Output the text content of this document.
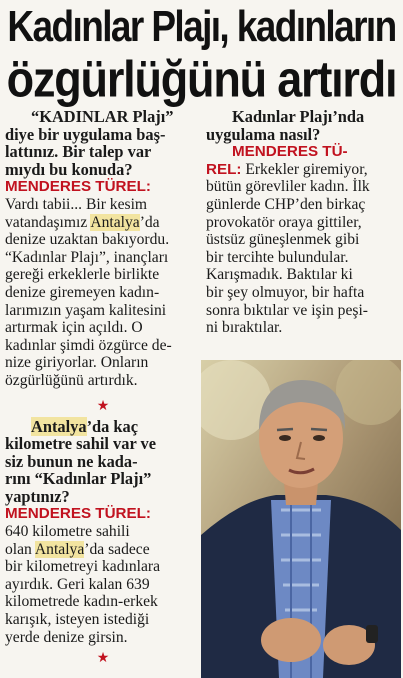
Kadınlar Plajı, kadınların
özgürlüğünü artırdı

“KADINLAR Plajı”

diye bir uygulama baş-

lattınız. Bir talep var

mıydı bu konuda?

MENDERES TÜREL:

Vardı tabii... Bir kesim

vatandaşımız Antalya’da

denize uzaktan bakıyordu.

“Kadınlar Plajı”, inançları

gereği erkeklerle birlikte

denize giremeyen kadın-

larımızın yaşam kalitesini

artırmak için açıldı. O

kadınlar şimdi özgürce de-

nize giriyorlar. Onların

özgürlüğünü artırdık.

★

Antalya’da kaç

kilometre sahil var ve

siz bunun ne kada-

rını “Kadınlar Plajı”

yaptınız?

MENDERES TÜREL:

640 kilometre sahili

olan Antalya’da sadece

bir kilometreyi kadınlara

ayırdık. Geri kalan 639

kilometrede kadın-erkek

karışık, isteyen istediği

yerde denize girsin.

★

Kadınlar Plajı’nda

uygulama nasıl?

MENDERES TÜ-

REL: Erkekler giremiyor,

bütün görevliler kadın. İlk

günlerde CHP’den birkaç

provokatör oraya gittiler,

üstsüz güneşlenmek gibi

bir tercihte bulundular.

Karışmadık. Baktılar ki

bir şey olmuyor, bir hafta

sonra bıktılar ve işin peşi-

ni bıraktılar.
